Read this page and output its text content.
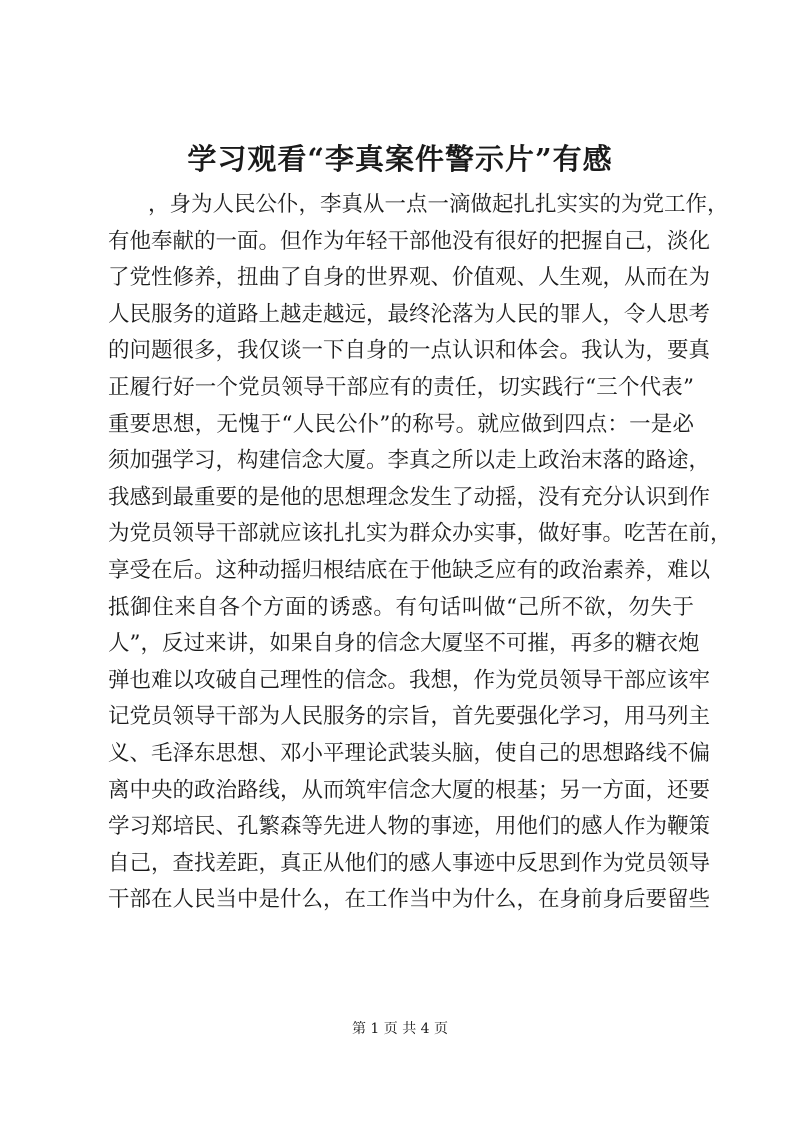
学习观看“李真案件警示片”有感
，身为人民公仆，李真从一点一滴做起扎扎实实的为党工作，
有他奉献的一面。但作为年轻干部他没有很好的把握自己，淡化
了党性修养，扭曲了自身的世界观、价值观、人生观，从而在为
人民服务的道路上越走越远，最终沦落为人民的罪人，令人思考
的问题很多，我仅谈一下自身的一点认识和体会。我认为，要真
正履行好一个党员领导干部应有的责任，切实践行“三个代表”
重要思想，无愧于“人民公仆”的称号。就应做到四点：一是必
须加强学习，构建信念大厦。李真之所以走上政治末落的路途，
我感到最重要的是他的思想理念发生了动摇，没有充分认识到作
为党员领导干部就应该扎扎实为群众办实事，做好事。吃苦在前，
享受在后。这种动摇归根结底在于他缺乏应有的政治素养，难以
抵御住来自各个方面的诱惑。有句话叫做“己所不欲，勿失于
人”，反过来讲，如果自身的信念大厦坚不可摧，再多的糖衣炮
弹也难以攻破自己理性的信念。我想，作为党员领导干部应该牢
记党员领导干部为人民服务的宗旨，首先要强化学习，用马列主
义、毛泽东思想、邓小平理论武装头脑，使自己的思想路线不偏
离中央的政治路线，从而筑牢信念大厦的根基；另一方面，还要
学习郑培民、孔繁森等先进人物的事迹，用他们的感人作为鞭策
自己，查找差距，真正从他们的感人事迹中反思到作为党员领导
干部在人民当中是什么，在工作当中为什么，在身前身后要留些
第 1 页 共 4 页
